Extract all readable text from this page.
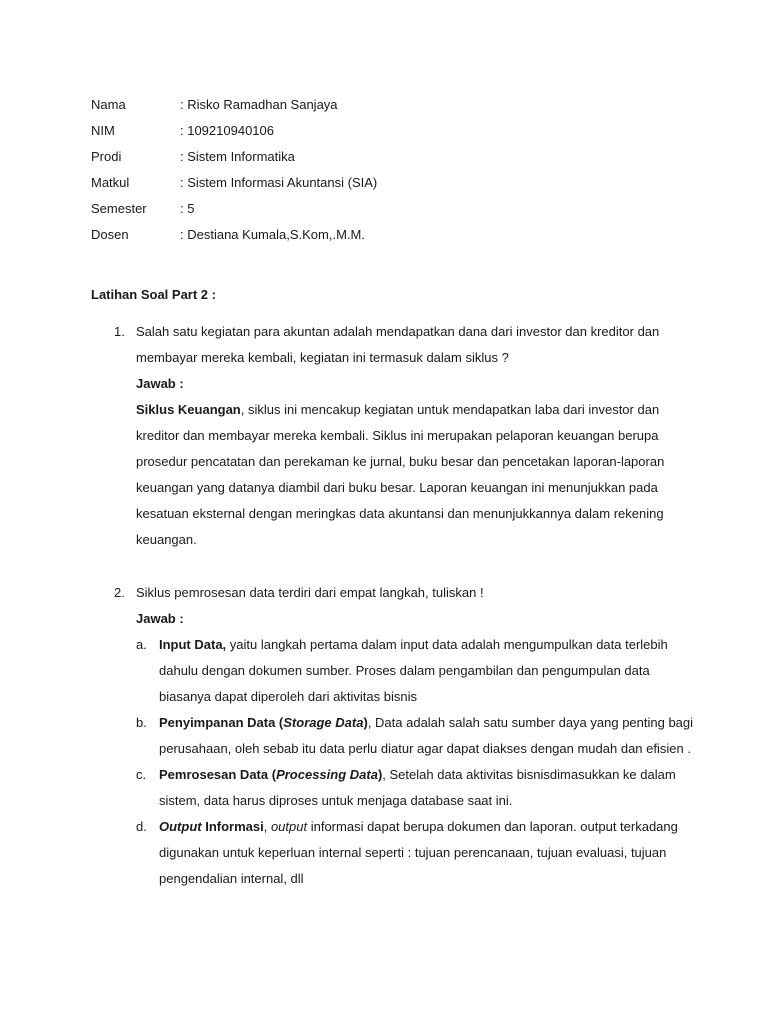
Nama	: Risko Ramadhan Sanjaya
NIM	: 109210940106
Prodi	: Sistem Informatika
Matkul	: Sistem Informasi Akuntansi (SIA)
Semester	: 5
Dosen	: Destiana Kumala,S.Kom,.M.M.
Latihan Soal Part 2 :
1. Salah satu kegiatan para akuntan adalah mendapatkan dana dari investor dan kreditor dan
membayar mereka kembali, kegiatan ini termasuk dalam siklus ?
Jawab :
Siklus Keuangan, siklus ini mencakup kegiatan untuk mendapatkan laba dari investor dan
kreditor dan membayar mereka kembali. Siklus ini merupakan pelaporan keuangan berupa
prosedur pencatatan dan perekaman ke jurnal, buku besar dan pencetakan laporan-laporan
keuangan yang datanya diambil dari buku besar. Laporan keuangan ini menunjukkan pada
kesatuan eksternal dengan meringkas data akuntansi dan menunjukkannya dalam rekening
keuangan.
2. Siklus pemrosesan data terdiri dari empat langkah, tuliskan !
Jawab :
a. Input Data, yaitu langkah pertama dalam input data adalah mengumpulkan data terlebih
dahulu dengan dokumen sumber. Proses dalam pengambilan dan pengumpulan data
biasanya dapat diperoleh dari aktivitas bisnis
b. Penyimpanan Data (Storage Data), Data adalah salah satu sumber daya yang penting bagi
perusahaan, oleh sebab itu data perlu diatur agar dapat diakses dengan mudah dan efisien .
c. Pemrosesan Data (Processing Data), Setelah data aktivitas bisnisdimasukkan ke dalam
sistem, data harus diproses untuk menjaga database saat ini.
d. Output Informasi, output informasi dapat berupa dokumen dan laporan. output terkadang
digunakan untuk keperluan internal seperti : tujuan perencanaan, tujuan evaluasi, tujuan
pengendalian internal, dll
